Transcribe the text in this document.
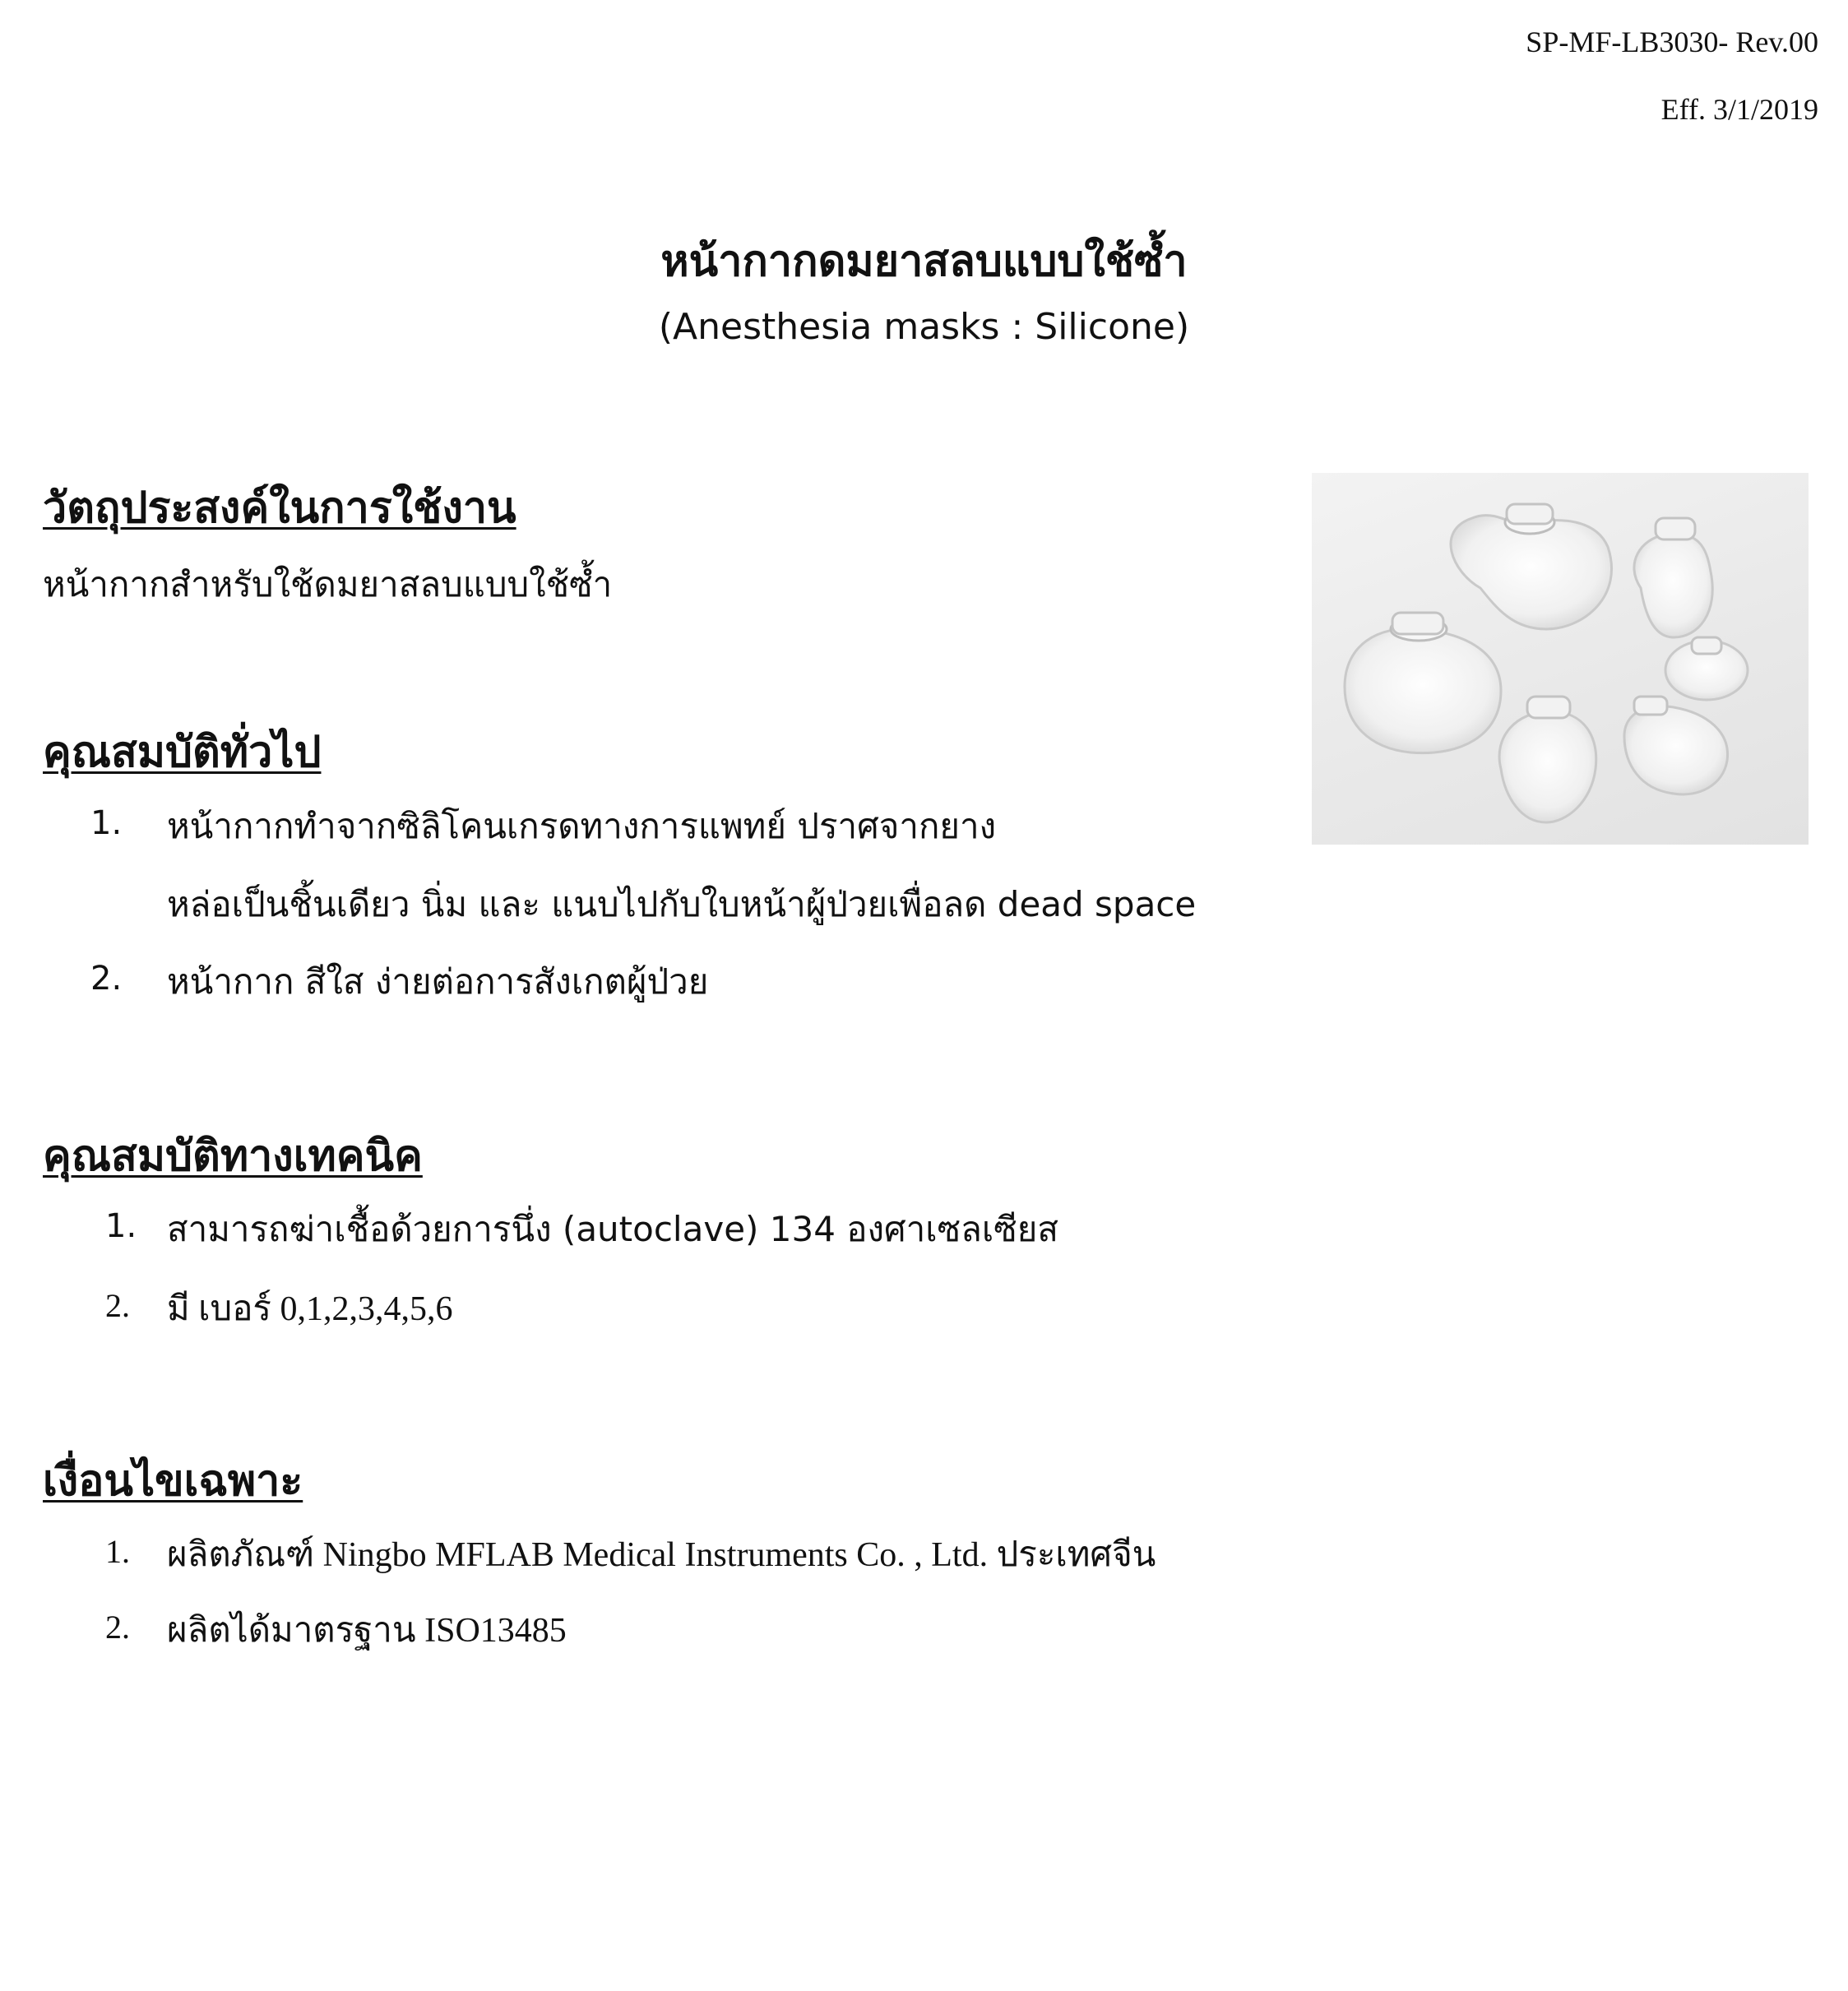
SP-MF-LB3030- Rev.00
Eff. 3/1/2019
หน้ากากดมยาสลบแบบใช้ซ้ำ
(Anesthesia masks : Silicone)
วัตถุประสงค์ในการใช้งาน
หน้ากากสำหรับใช้ดมยาสลบแบบใช้ซ้ำ
คุณสมบัติทั่วไป
1. หน้ากากทำจากซิลิโคนเกรดทางการแพทย์ ปราศจากยาง
หล่อเป็นชิ้นเดียว นิ่ม และ แนบไปกับใบหน้าผู้ป่วยเพื่อลด dead space
2. หน้ากาก สีใส ง่ายต่อการสังเกตผู้ป่วย
คุณสมบัติทางเทคนิค
1. สามารถฆ่าเชื้อด้วยการนึ่ง (autoclave) 134 องศาเซลเซียส
2. มี เบอร์ 0,1,2,3,4,5,6
เงื่อนไขเฉพาะ
1. ผลิตภัณฑ์ Ningbo MFLAB Medical Instruments Co. , Ltd. ประเทศจีน
2. ผลิตได้มาตรฐาน ISO13485
